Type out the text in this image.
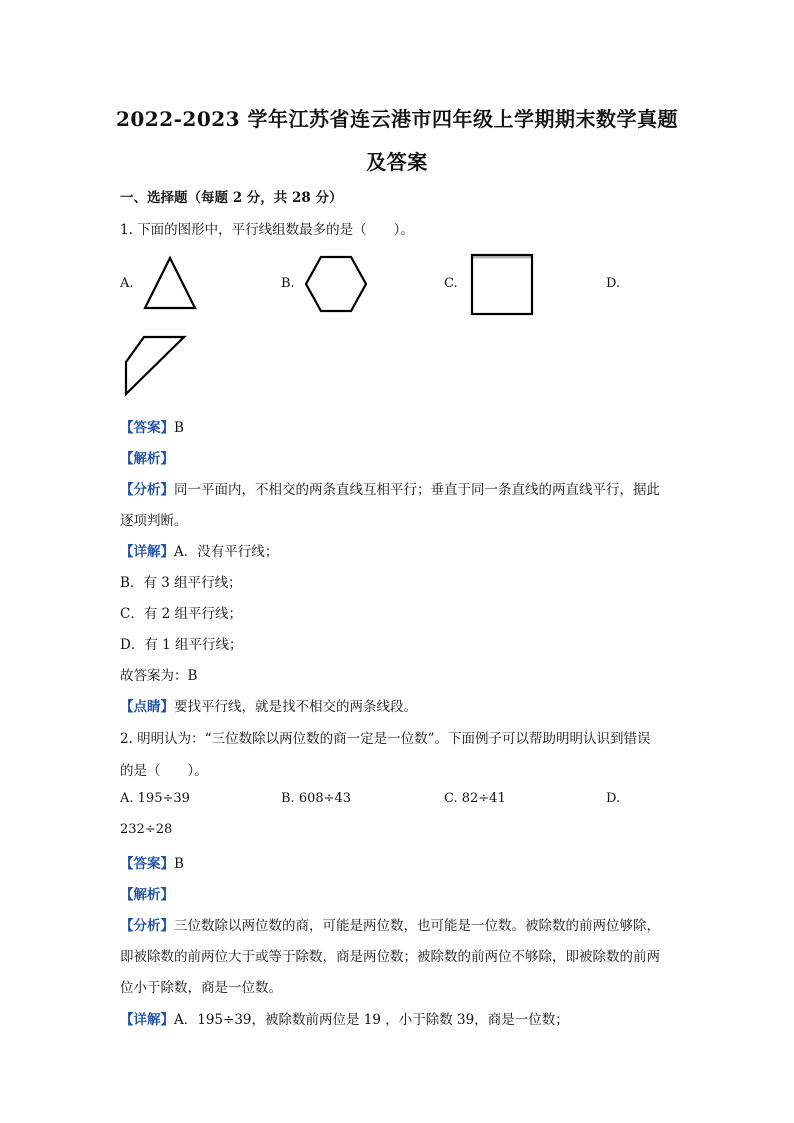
2022-2023 学年江苏省连云港市四年级上学期期末数学真题
及答案
一、选择题（每题 2 分，共 28 分）
1. 下面的图形中，平行线组数最多的是（　　）。
A.	B.	C.	D.
【答案】B
【解析】
【分析】同一平面内，不相交的两条直线互相平行；垂直于同一条直线的两直线平行，据此
逐项判断。
【详解】A．没有平行线；
B．有 3 组平行线；
C．有 2 组平行线；
D．有 1 组平行线；
故答案为：B
【点睛】要找平行线，就是找不相交的两条线段。
2. 明明认为：“三位数除以两位数的商一定是一位数”。下面例子可以帮助明明认识到错误
的是（　　）。
A. 195÷39	B. 608÷43	C. 82÷41	D.
232÷28
【答案】B
【解析】
【分析】三位数除以两位数的商，可能是两位数，也可能是一位数。被除数的前两位够除，
即被除数的前两位大于或等于除数，商是两位数；被除数的前两位不够除，即被除数的前两
位小于除数，商是一位数。
【详解】A．195÷39，被除数前两位是 19 ，小于除数 39，商是一位数；
